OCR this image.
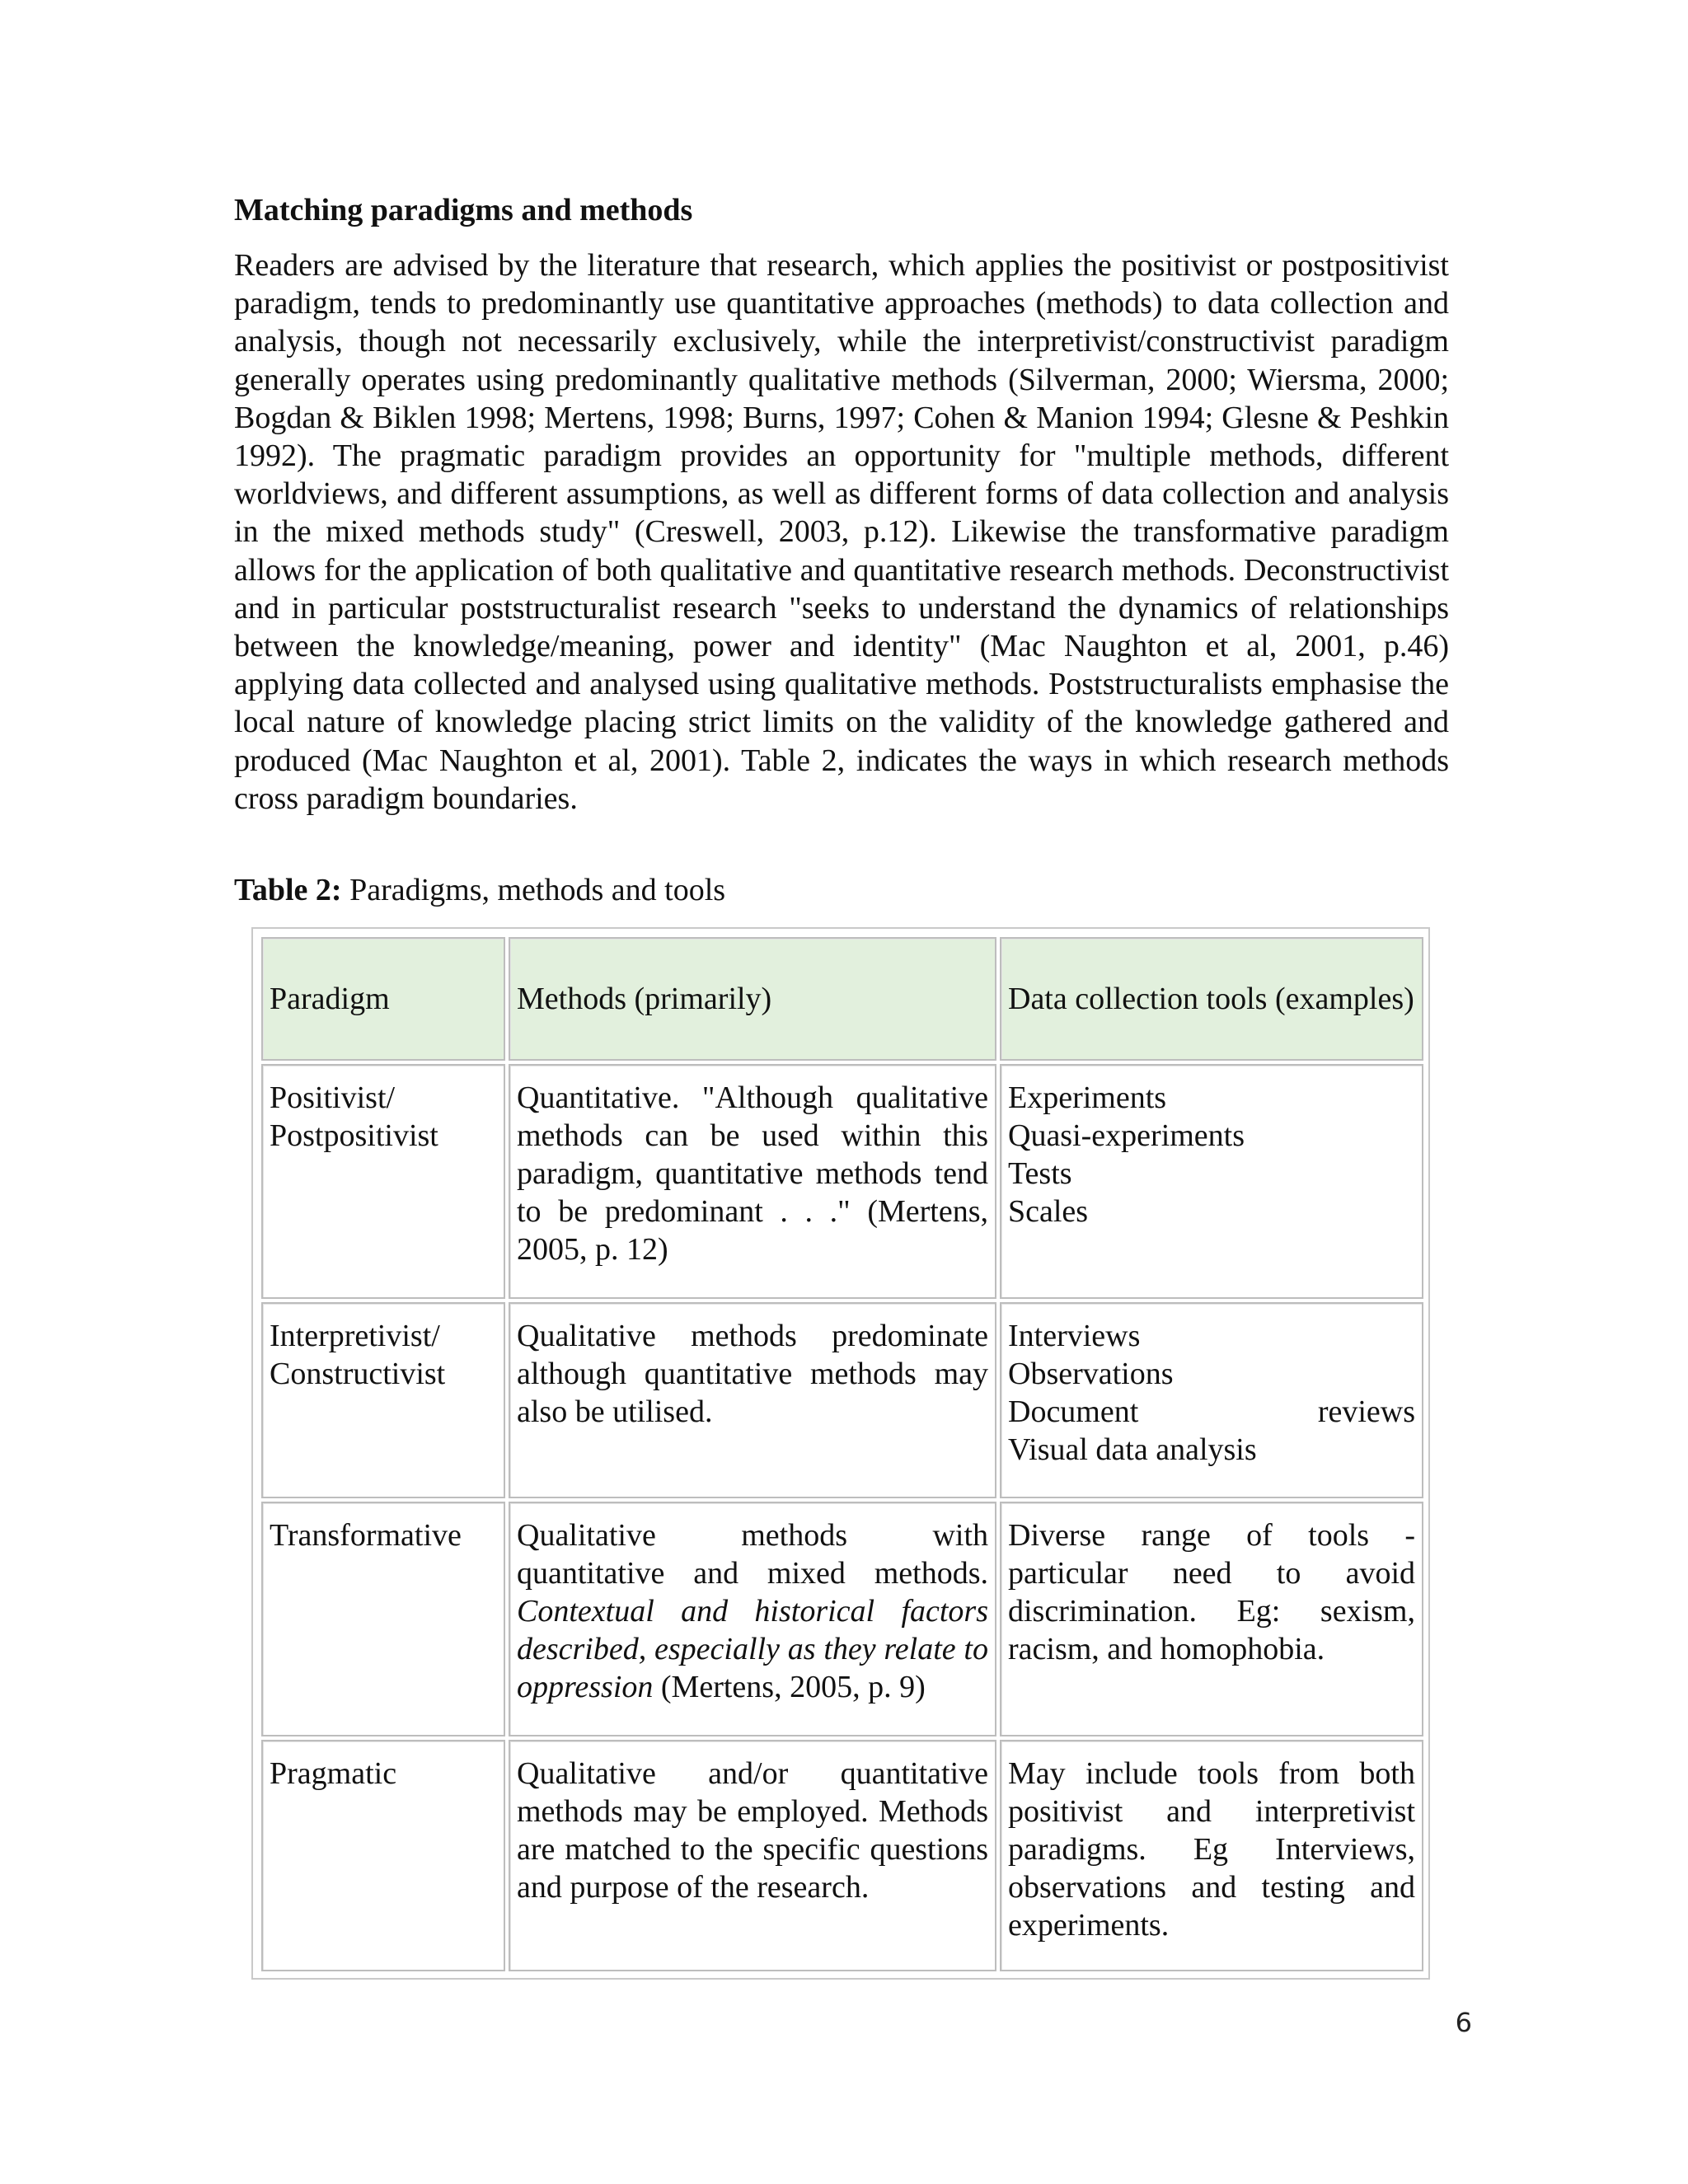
Matching paradigms and methods

Readers are advised by the literature that research, which applies the positivist or postpositivist paradigm, tends to predominantly use quantitative approaches (methods) to data collection and analysis, though not necessarily exclusively, while the interpretivist/constructivist paradigm generally operates using predominantly qualitative methods (Silverman, 2000; Wiersma, 2000; Bogdan & Biklen 1998; Mertens, 1998; Burns, 1997; Cohen & Manion 1994; Glesne & Peshkin 1992). The pragmatic paradigm provides an opportunity for "multiple methods, different worldviews, and different assumptions, as well as different forms of data collection and analysis in the mixed methods study" (Creswell, 2003, p.12). Likewise the transformative paradigm allows for the application of both qualitative and quantitative research methods. Deconstructivist and in particular poststructuralist research "seeks to understand the dynamics of relationships between the knowledge/meaning, power and identity" (Mac Naughton et al, 2001, p.46) applying data collected and analysed using qualitative methods. Poststructuralists emphasise the local nature of knowledge placing strict limits on the validity of the knowledge gathered and produced (Mac Naughton et al, 2001). Table 2, indicates the ways in which research methods cross paradigm boundaries.

Table 2: Paradigms, methods and tools

Paradigm	Methods (primarily)	Data collection tools (examples)

Positivist/
Postpositivist	Quantitative. "Although qualitative methods can be used within this paradigm, quantitative methods tend to be predominant . . ." (Mertens, 2005, p. 12)	Experiments
Quasi-experiments
Tests
Scales

Interpretivist/
Constructivist	Qualitative methods predominate although quantitative methods may also be utilised.	Interviews
Observations
Document reviews
Visual data analysis

Transformative	Qualitative methods with quantitative and mixed methods. Contextual and historical factors described, especially as they relate to oppression (Mertens, 2005, p. 9)	Diverse range of tools - particular need to avoid discrimination. Eg: sexism, racism, and homophobia.

Pragmatic	Qualitative and/or quantitative methods may be employed. Methods are matched to the specific questions and purpose of the research.	May include tools from both positivist and interpretivist paradigms. Eg Interviews, observations and testing and experiments.
6
